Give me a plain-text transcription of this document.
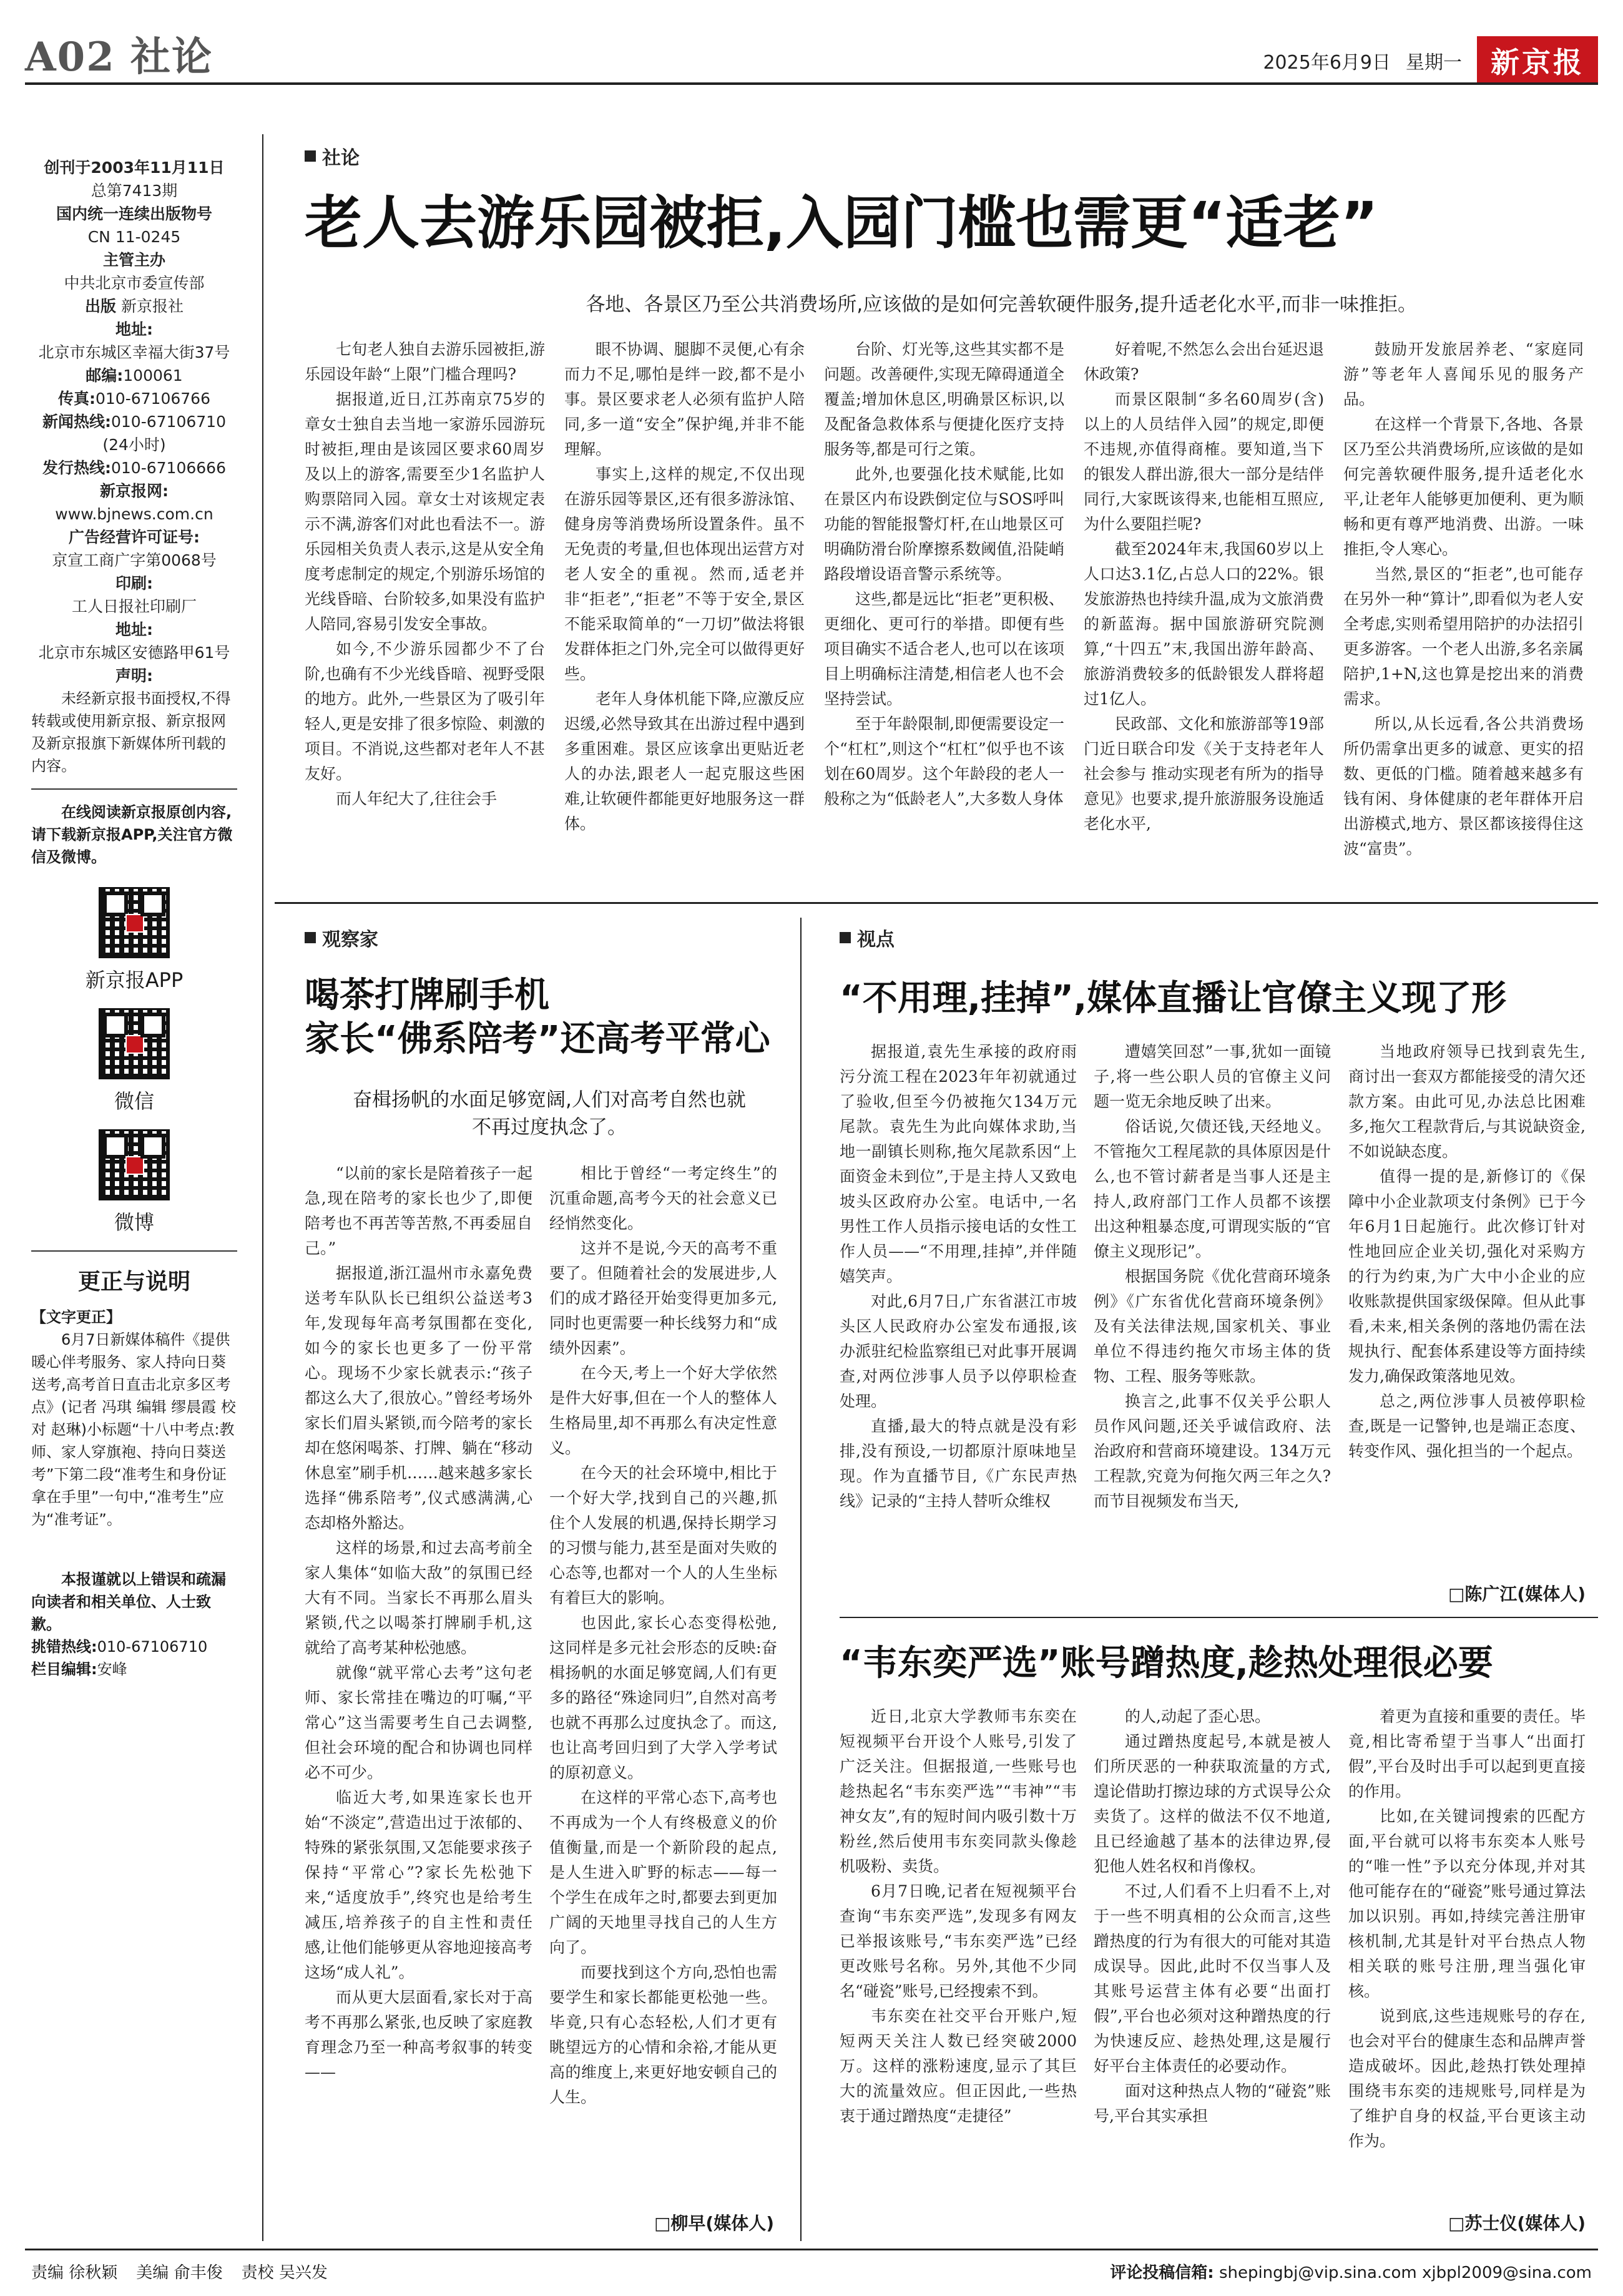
A02 社论	2025年6月9日 星期一	新京报
创刊于2003年11月11日
总第7413期
国内统一连续出版物号
CN 11-0245
主管主办
中共北京市委宣传部
出版 新京报社
地址:
北京市东城区幸福大街37号
邮编:100061
传真:010-67106766
新闻热线:010-67106710
(24小时)
发行热线:010-67106666
新京报网:
www.bjnews.com.cn
广告经营许可证号:
京宣工商广字第0068号
印刷:
工人日报社印刷厂
地址:
北京市东城区安德路甲61号
声明:
未经新京报书面授权,不得转载或使用新京报、新京报网及新京报旗下新媒体所刊载的内容。
在线阅读新京报原创内容,请下载新京报APP,关注官方微信及微博。
新京报APP
微信
微博
更正与说明
【文字更正】
6月7日新媒体稿件《提供暖心伴考服务、家人持向日葵送考,高考首日直击北京多区考点》(记者 冯琪 编辑 缪晨霞 校对 赵琳)小标题“十八中考点:教师、家人穿旗袍、持向日葵送考”下第二段“准考生和身份证拿在手里”一句中,“准考生”应为“准考证”。
本报谨就以上错误和疏漏向读者和相关单位、人士致歉。
挑错热线:010-67106710
栏目编辑:安峰
社论
老人去游乐园被拒,入园门槛也需更“适老”
各地、各景区乃至公共消费场所,应该做的是如何完善软硬件服务,提升适老化水平,而非一味推拒。

七旬老人独自去游乐园被拒,游乐园设年龄“上限”门槛合理吗?

据报道,近日,江苏南京75岁的章女士独自去当地一家游乐园游玩时被拒,理由是该园区要求60周岁及以上的游客,需要至少1名监护人购票陪同入园。章女士对该规定表示不满,游客们对此也看法不一。游乐园相关负责人表示,这是从安全角度考虑制定的规定,个别游乐场馆的光线昏暗、台阶较多,如果没有监护人陪同,容易引发安全事故。

如今,不少游乐园都少不了台阶,也确有不少光线昏暗、视野受限的地方。此外,一些景区为了吸引年轻人,更是安排了很多惊险、刺激的项目。不消说,这些都对老年人不甚友好。

而人年纪大了,往往会手

眼不协调、腿脚不灵便,心有余而力不足,哪怕是绊一跤,都不是小事。景区要求老人必须有监护人陪同,多一道“安全”保护绳,并非不能理解。

事实上,这样的规定,不仅出现在游乐园等景区,还有很多游泳馆、健身房等消费场所设置条件。虽不无免责的考量,但也体现出运营方对老人安全的重视。然而,适老并非“拒老”,“拒老”不等于安全,景区不能采取简单的“一刀切”做法将银发群体拒之门外,完全可以做得更好些。

老年人身体机能下降,应激反应迟缓,必然导致其在出游过程中遇到多重困难。景区应该拿出更贴近老人的办法,跟老人一起克服这些困难,让软硬件都能更好地服务这一群体。

台阶、灯光等,这些其实都不是问题。改善硬件,实现无障碍通道全覆盖;增加休息区,明确景区标识,以及配备急救体系与便捷化医疗支持服务等,都是可行之策。

此外,也要强化技术赋能,比如在景区内布设跌倒定位与SOS呼叫功能的智能报警灯杆,在山地景区可明确防滑台阶摩擦系数阈值,沿陡峭路段增设语音警示系统等。

这些,都是远比“拒老”更积极、更细化、更可行的举措。即便有些项目确实不适合老人,也可以在该项目上明确标注清楚,相信老人也不会坚持尝试。

至于年龄限制,即便需要设定一个“杠杠”,则这个“杠杠”似乎也不该划在60周岁。这个年龄段的老人一般称之为“低龄老人”,大多数人身体

好着呢,不然怎么会出台延迟退休政策?

而景区限制“多名60周岁(含)以上的人员结伴入园”的规定,即便不违规,亦值得商榷。要知道,当下的银发人群出游,很大一部分是结伴同行,大家既该得来,也能相互照应,为什么要阻拦呢?

截至2024年末,我国60岁以上人口达3.1亿,占总人口的22%。银发旅游热也持续升温,成为文旅消费的新蓝海。据中国旅游研究院测算,“十四五”末,我国出游年龄高、旅游消费较多的低龄银发人群将超过1亿人。

民政部、文化和旅游部等19部门近日联合印发《关于支持老年人社会参与 推动实现老有所为的指导意见》也要求,提升旅游服务设施适老化水平,

鼓励开发旅居养老、“家庭同游”等老年人喜闻乐见的服务产品。

在这样一个背景下,各地、各景区乃至公共消费场所,应该做的是如何完善软硬件服务,提升适老化水平,让老年人能够更加便利、更为顺畅和更有尊严地消费、出游。一味推拒,令人寒心。

当然,景区的“拒老”,也可能存在另外一种“算计”,即看似为老人安全考虑,实则希望用陪护的办法招引更多游客。一个老人出游,多名亲属陪护,1+N,这也算是挖出来的消费需求。

所以,从长远看,各公共消费场所仍需拿出更多的诚意、更实的招数、更低的门槛。随着越来越多有钱有闲、身体健康的老年群体开启出游模式,地方、景区都该接得住这波“富贵”。

观察家
喝茶打牌刷手机
家长“佛系陪考”还高考平常心
奋楫扬帆的水面足够宽阔,人们对高考自然也就不再过度执念了。

“以前的家长是陪着孩子一起急,现在陪考的家长也少了,即便陪考也不再苦等苦熬,不再委屈自己。”

据报道,浙江温州市永嘉免费送考车队队长已组织公益送考3年,发现每年高考氛围都在变化,如今的家长也更多了一份平常心。现场不少家长就表示:“孩子都这么大了,很放心。”曾经考场外家长们眉头紧锁,而今陪考的家长却在悠闲喝茶、打牌、躺在“移动休息室”刷手机……越来越多家长选择“佛系陪考”,仪式感满满,心态却格外豁达。

这样的场景,和过去高考前全家人集体“如临大敌”的氛围已经大有不同。当家长不再那么眉头紧锁,代之以喝茶打牌刷手机,这就给了高考某种松弛感。

就像“就平常心去考”这句老师、家长常挂在嘴边的叮嘱,“平常心”这当需要考生自己去调整,但社会环境的配合和协调也同样必不可少。

临近大考,如果连家长也开始“不淡定”,营造出过于浓郁的、特殊的紧张氛围,又怎能要求孩子保持“平常心”?家长先松弛下来,“适度放手”,终究也是给考生减压,培养孩子的自主性和责任感,让他们能够更从容地迎接高考这场“成人礼”。

而从更大层面看,家长对于高考不再那么紧张,也反映了家庭教育理念乃至一种高考叙事的转变——

相比于曾经“一考定终生”的沉重命题,高考今天的社会意义已经悄然变化。

这并不是说,今天的高考不重要了。但随着社会的发展进步,人们的成才路径开始变得更加多元,同时也更需要一种长线努力和“成绩外因素”。

在今天,考上一个好大学依然是件大好事,但在一个人的整体人生格局里,却不再那么有决定性意义。

在今天的社会环境中,相比于一个好大学,找到自己的兴趣,抓住个人发展的机遇,保持长期学习的习惯与能力,甚至是面对失败的心态等,也都对一个人的人生坐标有着巨大的影响。

也因此,家长心态变得松弛,这同样是多元社会形态的反映:奋楫扬帆的水面足够宽阔,人们有更多的路径“殊途同归”,自然对高考也就不再那么过度执念了。而这,也让高考回归到了大学入学考试的原初意义。

在这样的平常心态下,高考也不再成为一个人有终极意义的价值衡量,而是一个新阶段的起点,是人生进入旷野的标志——每一个学生在成年之时,都要去到更加广阔的天地里寻找自己的人生方向了。

而要找到这个方向,恐怕也需要学生和家长都能更松弛一些。毕竟,只有心态轻松,人们才更有眺望远方的心情和余裕,才能从更高的维度上,来更好地安顿自己的人生。

□柳早(媒体人)
视点
“不用理,挂掉”,媒体直播让官僚主义现了形

据报道,袁先生承接的政府雨污分流工程在2023年年初就通过了验收,但至今仍被拖欠134万元尾款。袁先生为此向媒体求助,当地一副镇长则称,拖欠尾款系因“上面资金未到位”,于是主持人又致电坡头区政府办公室。电话中,一名男性工作人员指示接电话的女性工作人员——“不用理,挂掉”,并伴随嬉笑声。

对此,6月7日,广东省湛江市坡头区人民政府办公室发布通报,该办派驻纪检监察组已对此事开展调查,对两位涉事人员予以停职检查处理。

直播,最大的特点就是没有彩排,没有预设,一切都原汁原味地呈现。作为直播节目,《广东民声热线》记录的“主持人替听众维权

遭嬉笑回怼”一事,犹如一面镜子,将一些公职人员的官僚主义问题一览无余地反映了出来。

俗话说,欠债还钱,天经地义。不管拖欠工程尾款的具体原因是什么,也不管讨薪者是当事人还是主持人,政府部门工作人员都不该摆出这种粗暴态度,可谓现实版的“官僚主义现形记”。

根据国务院《优化营商环境条例》《广东省优化营商环境条例》及有关法律法规,国家机关、事业单位不得违约拖欠市场主体的货物、工程、服务等账款。

换言之,此事不仅关乎公职人员作风问题,还关乎诚信政府、法治政府和营商环境建设。134万元工程款,究竟为何拖欠两三年之久?而节目视频发布当天,

当地政府领导已找到袁先生,商讨出一套双方都能接受的清欠还款方案。由此可见,办法总比困难多,拖欠工程款背后,与其说缺资金,不如说缺态度。

值得一提的是,新修订的《保障中小企业款项支付条例》已于今年6月1日起施行。此次修订针对性地回应企业关切,强化对采购方的行为约束,为广大中小企业的应收账款提供国家级保障。但从此事看,未来,相关条例的落地仍需在法规执行、配套体系建设等方面持续发力,确保政策落地见效。

总之,两位涉事人员被停职检查,既是一记警钟,也是端正态度、转变作风、强化担当的一个起点。

□陈广江(媒体人)
“韦东奕严选”账号蹭热度,趁热处理很必要

近日,北京大学教师韦东奕在短视频平台开设个人账号,引发了广泛关注。但据报道,一些账号也趁热起名“韦东奕严选”“韦神”“韦神女友”,有的短时间内吸引数十万粉丝,然后使用韦东奕同款头像趁机吸粉、卖货。

6月7日晚,记者在短视频平台查询“韦东奕严选”,发现多有网友已举报该账号,“韦东奕严选”已经更改账号名称。另外,其他不少同名“碰瓷”账号,已经搜索不到。

韦东奕在社交平台开账户,短短两天关注人数已经突破2000万。这样的涨粉速度,显示了其巨大的流量效应。但正因此,一些热衷于通过蹭热度“走捷径”

的人,动起了歪心思。

通过蹭热度起号,本就是被人们所厌恶的一种获取流量的方式,遑论借助打擦边球的方式误导公众卖货了。这样的做法不仅不地道,且已经逾越了基本的法律边界,侵犯他人姓名权和肖像权。

不过,人们看不上归看不上,对于一些不明真相的公众而言,这些蹭热度的行为有很大的可能对其造成误导。因此,此时不仅当事人及其账号运营主体有必要“出面打假”,平台也必须对这种蹭热度的行为快速反应、趁热处理,这是履行好平台主体责任的必要动作。

面对这种热点人物的“碰瓷”账号,平台其实承担

着更为直接和重要的责任。毕竟,相比寄希望于当事人“出面打假”,平台及时出手可以起到更直接的作用。

比如,在关键词搜索的匹配方面,平台就可以将韦东奕本人账号的“唯一性”予以充分体现,并对其他可能存在的“碰瓷”账号通过算法加以识别。再如,持续完善注册审核机制,尤其是针对平台热点人物相关联的账号注册,理当强化审核。

说到底,这些违规账号的存在,也会对平台的健康生态和品牌声誉造成破坏。因此,趁热打铁处理掉围绕韦东奕的违规账号,同样是为了维护自身的权益,平台更该主动作为。

□苏士仪(媒体人)
责编 徐秋颖 美编 俞丰俊 责校 吴兴发	评论投稿信箱: shepingbj@vip.sina.com xjbpl2009@sina.com
